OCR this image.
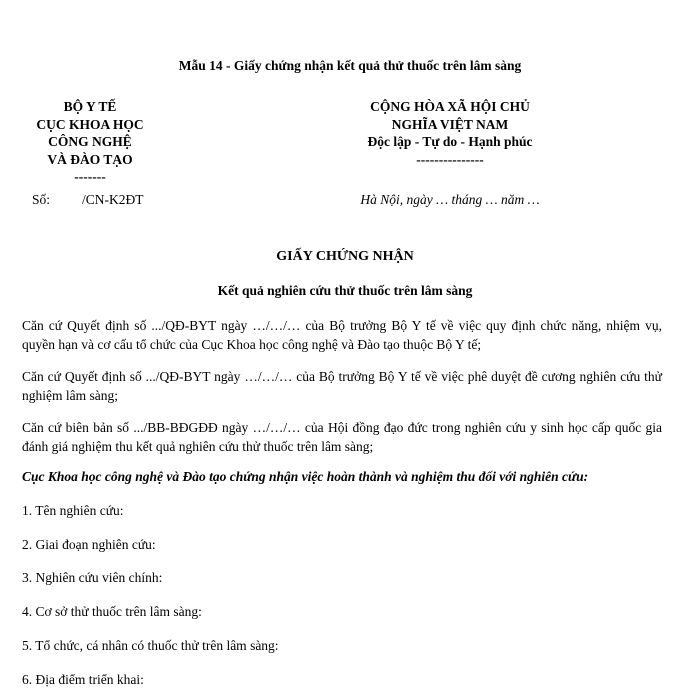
Mẫu 14 - Giấy chứng nhận kết quả thử thuốc trên lâm sàng
BỘ Y TẾ
CỤC KHOA HỌC
CÔNG NGHỆ
VÀ ĐÀO TẠO
-------
Số: /CN-K2ĐT
CỘNG HÒA XÃ HỘI CHỦ
NGHĨA VIỆT NAM
Độc lập - Tự do - Hạnh phúc
---------------
Hà Nội, ngày … tháng … năm …
GIẤY CHỨNG NHẬN
Kết quả nghiên cứu thử thuốc trên lâm sàng
Căn cứ Quyết định số .../QĐ-BYT ngày …/…/… của Bộ trưởng Bộ Y tế về việc quy định chức năng, nhiệm vụ, quyền hạn và cơ cấu tổ chức của Cục Khoa học công nghệ và Đào tạo thuộc Bộ Y tế;
Căn cứ Quyết định số .../QĐ-BYT ngày …/…/… của Bộ trưởng Bộ Y tế về việc phê duyệt đề cương nghiên cứu thử nghiệm lâm sàng;
Căn cứ biên bản số .../BB-BĐGĐĐ ngày …/…/… của Hội đồng đạo đức trong nghiên cứu y sinh học cấp quốc gia đánh giá nghiệm thu kết quả nghiên cứu thử thuốc trên lâm sàng;
Cục Khoa học công nghệ và Đào tạo chứng nhận việc hoàn thành và nghiệm thu đối với nghiên cứu:
1. Tên nghiên cứu:
2. Giai đoạn nghiên cứu:
3. Nghiên cứu viên chính:
4. Cơ sở thử thuốc trên lâm sàng:
5. Tổ chức, cá nhân có thuốc thử trên lâm sàng:
6. Địa điểm triển khai:
